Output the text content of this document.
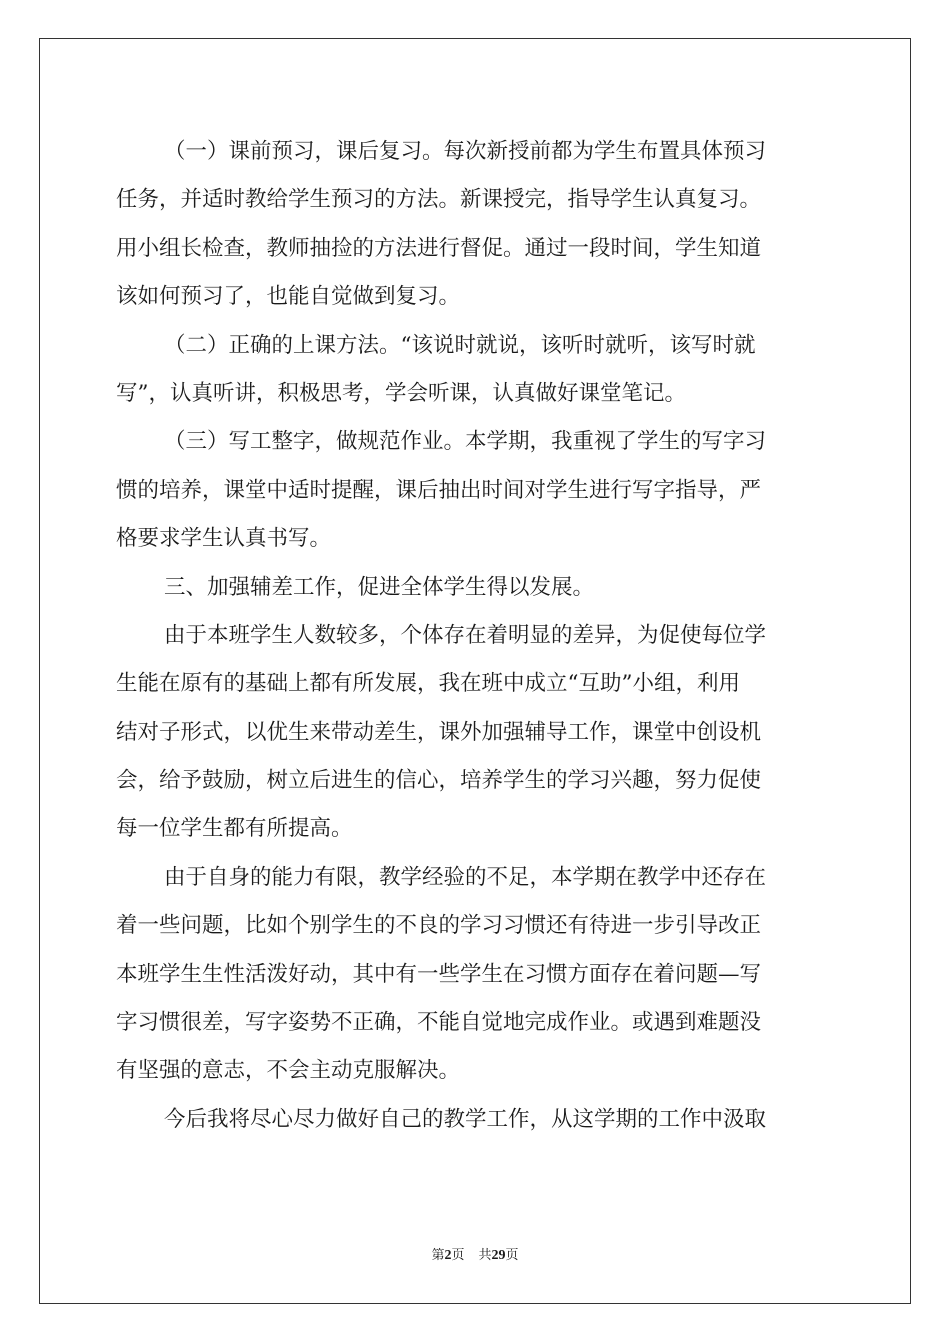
（一）课前预习，课后复习。每次新授前都为学生布置具体预习
任务，并适时教给学生预习的方法。新课授完，指导学生认真复习。
用小组长检查，教师抽捡的方法进行督促。通过一段时间，学生知道
该如何预习了，也能自觉做到复习。
（二）正确的上课方法。“该说时就说，该听时就听，该写时就
写”，认真听讲，积极思考，学会听课，认真做好课堂笔记。
（三）写工整字，做规范作业。本学期，我重视了学生的写字习
惯的培养，课堂中适时提醒，课后抽出时间对学生进行写字指导，严
格要求学生认真书写。
三、加强辅差工作，促进全体学生得以发展。
由于本班学生人数较多，个体存在着明显的差异，为促使每位学
生能在原有的基础上都有所发展，我在班中成立“互助”小组，利用
结对子形式，以优生来带动差生，课外加强辅导工作，课堂中创设机
会，给予鼓励，树立后进生的信心，培养学生的学习兴趣，努力促使
每一位学生都有所提高。
由于自身的能力有限，教学经验的不足，本学期在教学中还存在
着一些问题，比如个别学生的不良的学习习惯还有待进一步引导改正
本班学生生性活泼好动，其中有一些学生在习惯方面存在着问题—写
字习惯很差，写字姿势不正确，不能自觉地完成作业。或遇到难题没
有坚强的意志，不会主动克服解决。
今后我将尽心尽力做好自己的教学工作，从这学期的工作中汲取
第2页 共29页
